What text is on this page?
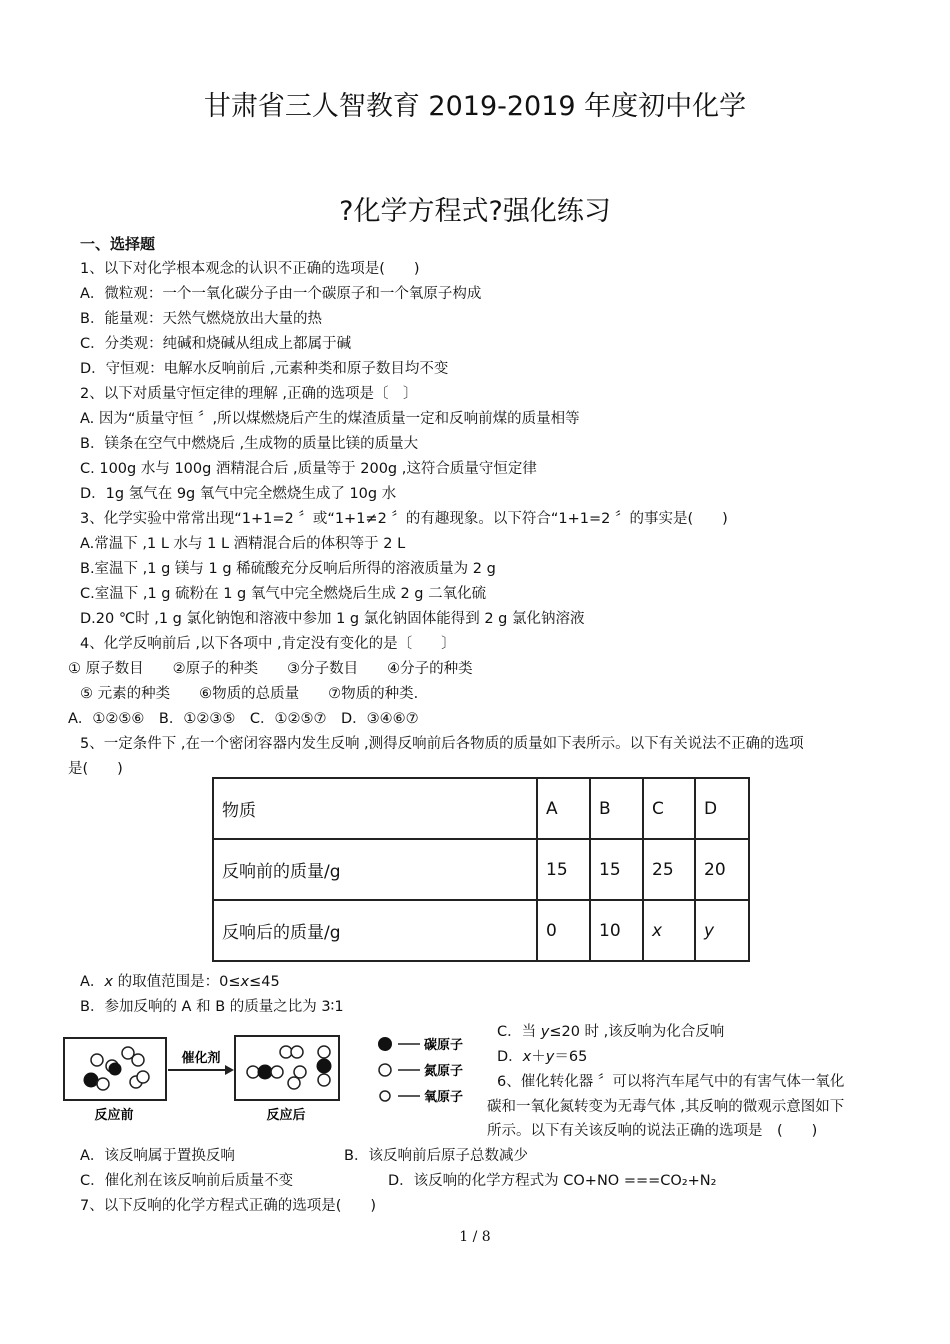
甘肃省三人智教育 2019-2019 年度初中化学
?化学方程式?强化练习
一、选择题
1、以下对化学根本观念的认识不正确的选项是(　　)
A．微粒观：一个一氧化碳分子由一个碳原子和一个氧原子构成
B．能量观：天然气燃烧放出大量的热
C．分类观：纯碱和烧碱从组成上都属于碱
D．守恒观：电解水反响前后 ,元素种类和原子数目均不变
2、以下对质量守恒定律的理解 ,正确的选项是〔　〕
A. 因为“质量守恒 〞,所以煤燃烧后产生的煤渣质量一定和反响前煤的质量相等
B．镁条在空气中燃烧后 ,生成物的质量比镁的质量大
C. 100g 水与 100g 酒精混合后 ,质量等于 200g ,这符合质量守恒定律
D．1g 氢气在 9g 氧气中完全燃烧生成了 10g 水
3、化学实验中常常出现“1+1=2 〞或“1+1≠2 〞的有趣现象。以下符合“1+1=2 〞的事实是(　　)
A.常温下 ,1 L 水与 1 L 酒精混合后的体积等于 2 L
B.室温下 ,1 g 镁与 1 g 稀硫酸充分反响后所得的溶液质量为 2 g
C.室温下 ,1 g 硫粉在 1 g 氧气中完全燃烧后生成 2 g 二氧化硫
D.20 ℃时 ,1 g 氯化钠饱和溶液中参加 1 g 氯化钠固体能得到 2 g 氯化钠溶液
4、化学反响前后 ,以下各项中 ,肯定没有变化的是〔　　〕
① 原子数目　　②原子的种类　　③分子数目　　④分子的种类
⑤ 元素的种类　　⑥物质的总质量　　⑦物质的种类．
A．①②⑤⑥　B．①②③⑤　C．①②⑤⑦　D．③④⑥⑦
5、一定条件下 ,在一个密闭容器内发生反响 ,测得反响前后各物质的质量如下表所示。以下有关说法不正确的选项
是(　　)
物质	A	B	C	D
反响前的质量/g	15	15	25	20
反响后的质量/g	0	10	x	y
A．x 的取值范围是：0≤x≤45
B．参加反响的 A 和 B 的质量之比为 3∶1
C．当 y≤20 时 ,该反响为化合反响
D．x＋y＝65
催化剂
反应前	反应后
碳原子
氮原子
氧原子
6、催化转化器 〞可以将汽车尾气中的有害气体一氧化
碳和一氧化氮转变为无毒气体 ,其反响的微观示意图如下
所示。以下有关该反响的说法正确的选项是　(　　)
A．该反响属于置换反响	B．该反响前后原子总数减少
C．催化剂在该反响前后质量不变	D．该反响的化学方程式为 CO+NO ===CO₂+N₂
7、以下反响的化学方程式正确的选项是(　　)
1 / 8
